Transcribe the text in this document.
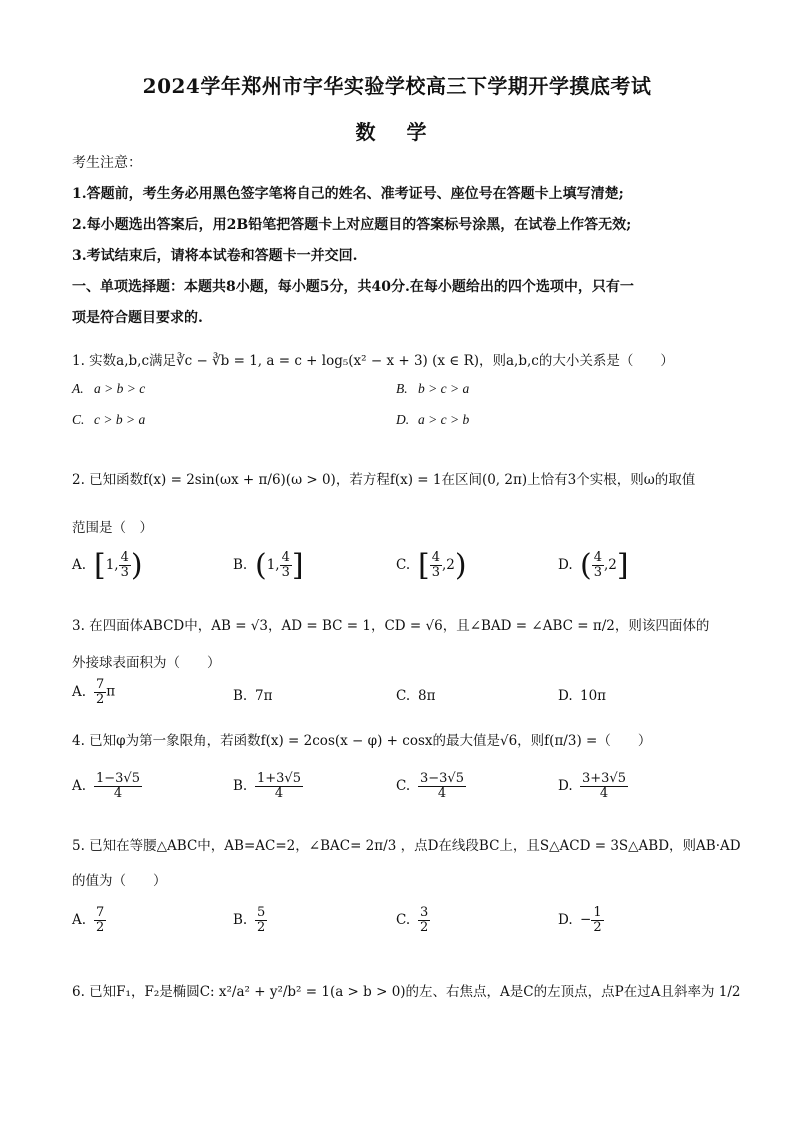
2024学年郑州市宇华实验学校高三下学期开学摸底考试
数 学
考生注意：
1.答题前，考生务必用黑色签字笔将自己的姓名、准考证号、座位号在答题卡上填写清楚;
2.每小题选出答案后，用2B铅笔把答题卡上对应题目的答案标号涂黑，在试卷上作答无效;
3.考试结束后，请将本试卷和答题卡一并交回.
一、单项选择题：本题共8小题，每小题5分，共40分.在每小题给出的四个选项中，只有一
项是符合题目要求的.
1. 实数a,b,c满足∛c − ∛b = 1, a = c + log₅(x² − x + 3) (x ∈ R)，则a,b,c的大小关系是（　　）
A. a > b > c	B. b > c > a
C. c > b > a	D. a > c > b
2. 已知函数f(x) = 2sin(ωx + π/6)(ω > 0)，若方程f(x) = 1在区间(0, 2π)上恰有3个实根，则ω的取值
范围是（　）
A. [1, $\frac{4}{3}$ )	B. (1, $\frac{4}{3}$ ]	C. [ $\frac{4}{3} ,2$)	D. ( $\frac{4}{3} ,2$]
3. 在四面体ABCD中，AB = √3，AD = BC = 1，CD = √6，且∠BAD = ∠ABC = π/2，则该四面体的
外接球表面积为（　　）
A. $\frac{7}{2}$ π	B. 7π	C. 8π	D. 10π
4. 已知φ为第一象限角，若函数f(x) = 2cos(x − φ) + cosx的最大值是√6，则f(π/3) =（　　）
A. $\frac{1-3√5}{4}$	B. $\frac{1+3√5}{4}$	C. $\frac{3-3√5}{4}$	D. $\frac{3+3√5}{4}$
5. 已知在等腰△ABC中，AB=AC=2，∠BAC= 2π/3 ，点D在线段BC上，且S△ACD = 3S△ABD，则AB·AD
的值为（　　）
A. $\frac{7}{2}$	B. $\frac{5}{2}$	C. $\frac{3}{2}$	D. − $\frac{1}{2}$
6. 已知F₁，F₂是椭圆C: x²/a² + y²/b² = 1(a > b > 0)的左、右焦点，A是C的左顶点，点P在过A且斜率为 1/2
